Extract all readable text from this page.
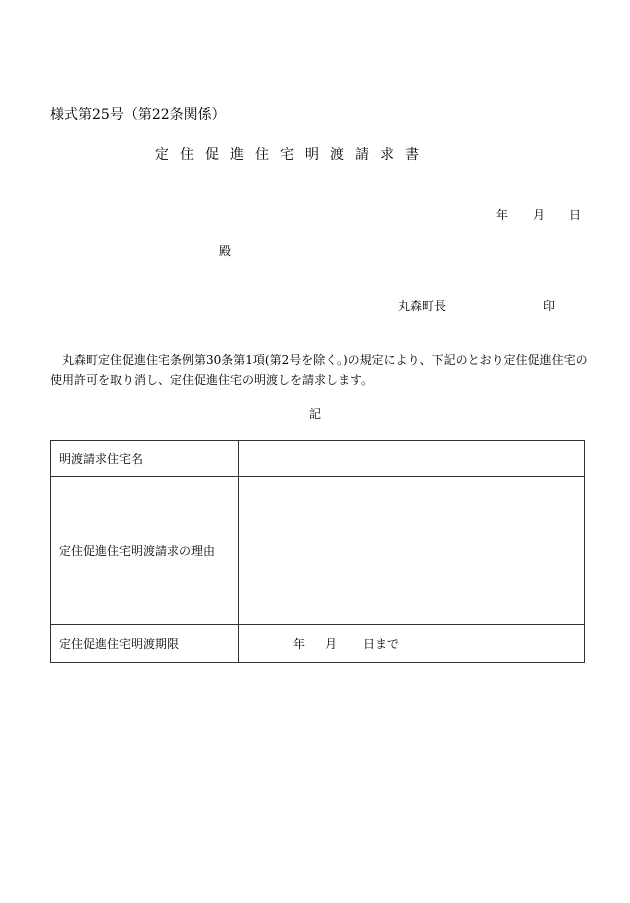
様式第25号（第22条関係）
定住促進住宅明渡請求書
年 月 日
殿
丸森町長	印
丸森町定住促進住宅条例第30条第1項(第2号を除く。)の規定により、下記のとおり定住促進住宅の使用許可を取り消し、定住促進住宅の明渡しを請求します。
記
明渡請求住宅名	
定住促進住宅明渡請求の理由	
定住促進住宅明渡期限	年 月 日まで
